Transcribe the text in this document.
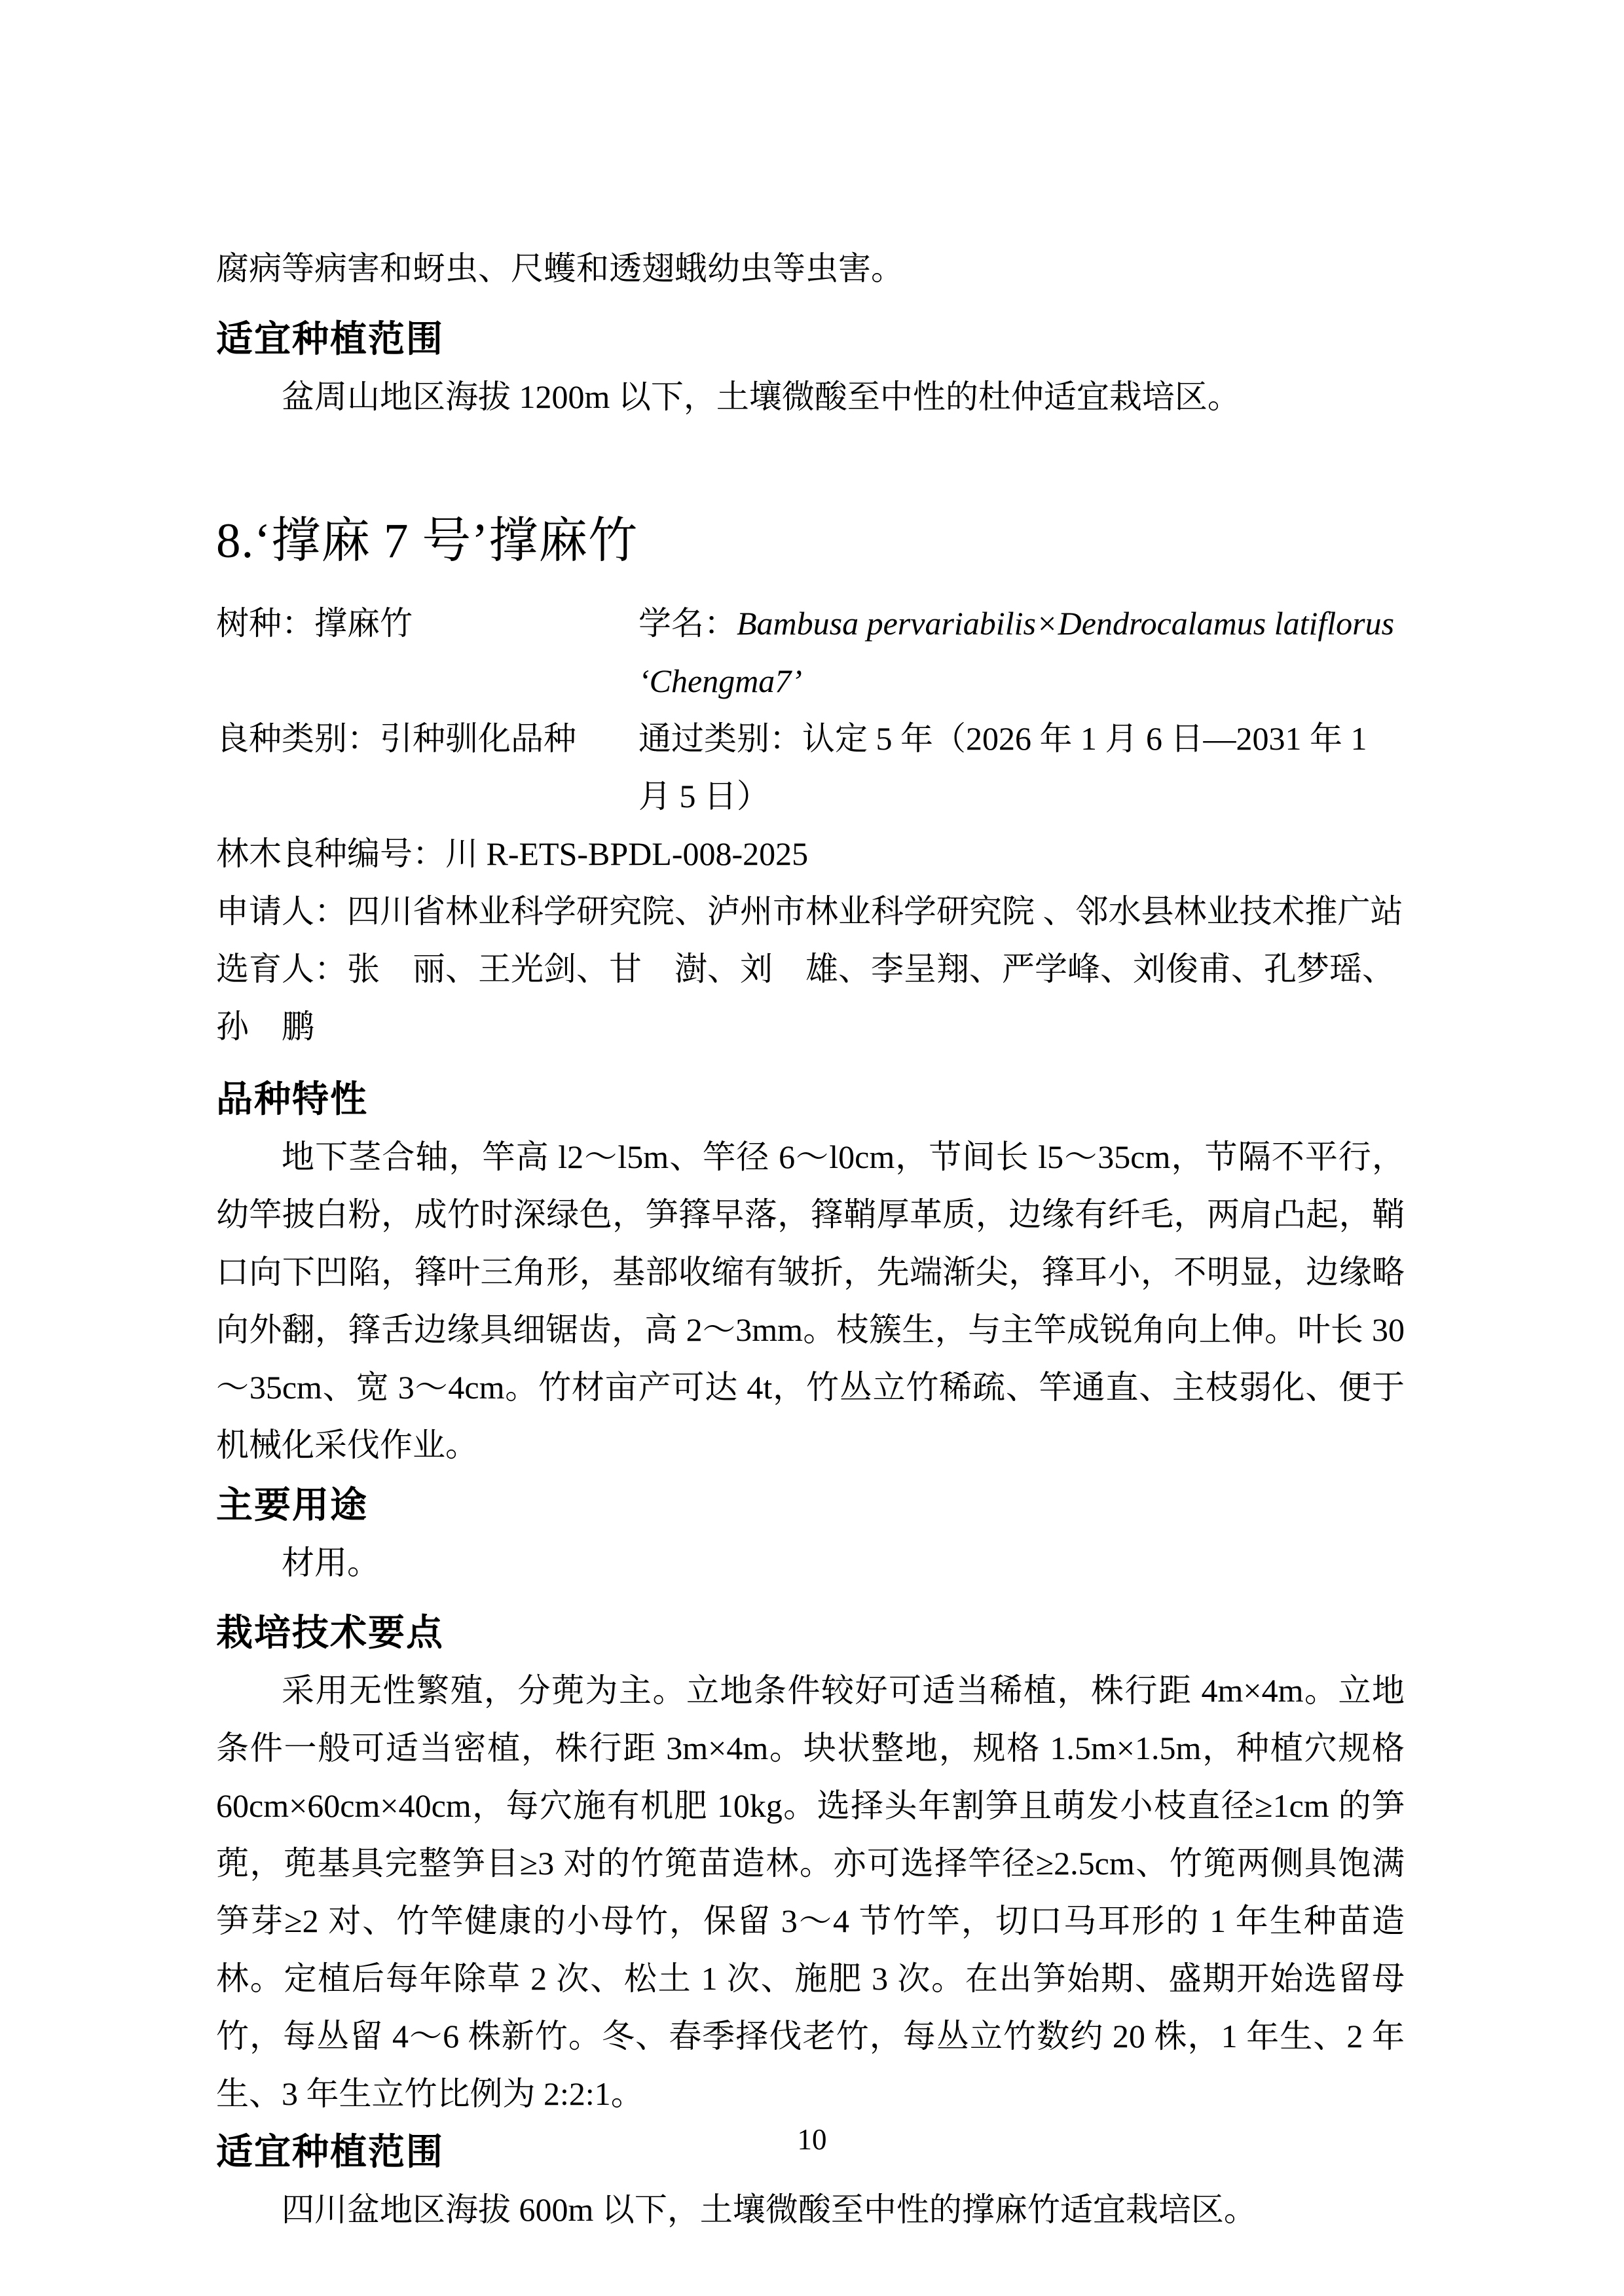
腐病等病害和蚜虫、尺蠖和透翅蛾幼虫等虫害。

适宜种植范围

盆周山地区海拔 1200m 以下，土壤微酸至中性的杜仲适宜栽培区。

8.‘撑麻 7 号’撑麻竹
树种：撑麻竹	学名：Bambusa pervariabilis×Dendrocalamus latiflorus ‘Chengma7’
良种类别：引种驯化品种	通过类别：认定 5 年（2026 年 1 月 6 日—2031 年 1 月 5 日）
林木良种编号：川 R-ETS-BPDL-008-2025
申请人：四川省林业科学研究院、泸州市林业科学研究院 、邻水县林业技术推广站
选育人：张　丽、王光剑、甘　澍、刘　雄、李呈翔、严学峰、刘俊甫、孔梦瑶、孙　鹏
品种特性

地下茎合轴，竿高 l2～l5m、竿径 6～l0cm，节间长 l5～35cm，节隔不平行，幼竿披白粉，成竹时深绿色，笋箨早落，箨鞘厚革质，边缘有纤毛，两肩凸起，鞘口向下凹陷，箨叶三角形，基部收缩有皱折，先端渐尖，箨耳小，不明显，边缘略向外翻，箨舌边缘具细锯齿，高 2～3mm。枝簇生，与主竿成锐角向上伸。叶长 30～35cm、宽 3～4cm。竹材亩产可达 4t，竹丛立竹稀疏、竿通直、主枝弱化、便于机械化采伐作业。

主要用途

材用。

栽培技术要点

采用无性繁殖，分蔸为主。立地条件较好可适当稀植，株行距 4m×4m。立地条件一般可适当密植，株行距 3m×4m。块状整地，规格 1.5m×1.5m，种植穴规格 60cm×60cm×40cm，每穴施有机肥 10kg。选择头年割笋且萌发小枝直径≥1cm 的笋蔸，蔸基具完整笋目≥3 对的竹篼苗造林。亦可选择竿径≥2.5cm、竹篼两侧具饱满笋芽≥2 对、竹竿健康的小母竹，保留 3～4 节竹竿，切口马耳形的 1 年生种苗造林。定植后每年除草 2 次、松土 1 次、施肥 3 次。在出笋始期、盛期开始选留母竹，每丛留 4～6 株新竹。冬、春季择伐老竹，每丛立竹数约 20 株，1 年生、2 年生、3 年生立竹比例为 2:2:1。

适宜种植范围

四川盆地区海拔 600m 以下，土壤微酸至中性的撑麻竹适宜栽培区。

10
